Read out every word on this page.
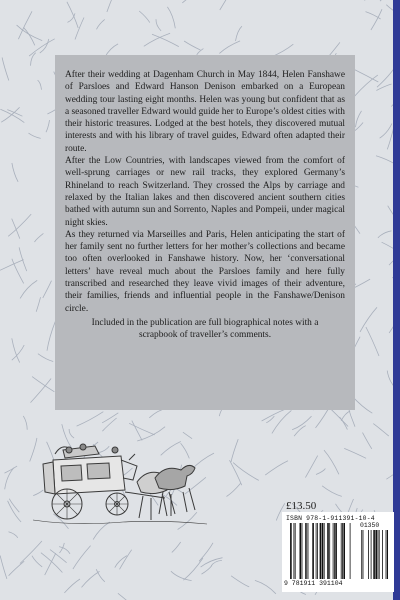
After their wedding at Dagenham Church in May 1844, Helen Fanshawe of Parsloes and Edward Hanson Denison embarked on a European wedding tour lasting eight months. Helen was young but confident that as a seasoned traveller Edward would guide her to Europe’s oldest cities with their historic treasures. Lodged at the best hotels, they discovered mutual interests and with his library of travel guides, Edward often adapted their route.

After the Low Countries, with landscapes viewed from the comfort of well-sprung carriages or new rail tracks, they explored Germany’s Rhineland to reach Switzerland. They crossed the Alps by carriage and relaxed by the Italian lakes and then discovered ancient southern cities bathed with autumn sun and Sorrento, Naples and Pompeii, under magical night skies.

As they returned via Marseilles and Paris, Helen anticipating the start of her family sent no further letters for her mother’s collections and became too often overlooked in Fanshawe history. Now, her ‘conversational letters’ have reveal much about the Parsloes family and here fully transcribed and researched they leave vivid images of their adventure, their families, friends and influential people in the Fanshawe/Denison circle.

Included in the publication are full biographical notes with a scrapbook of traveller’s comments.

£13.50
ISBN 978-1-911391-10-4
01350
9 781911 391104
